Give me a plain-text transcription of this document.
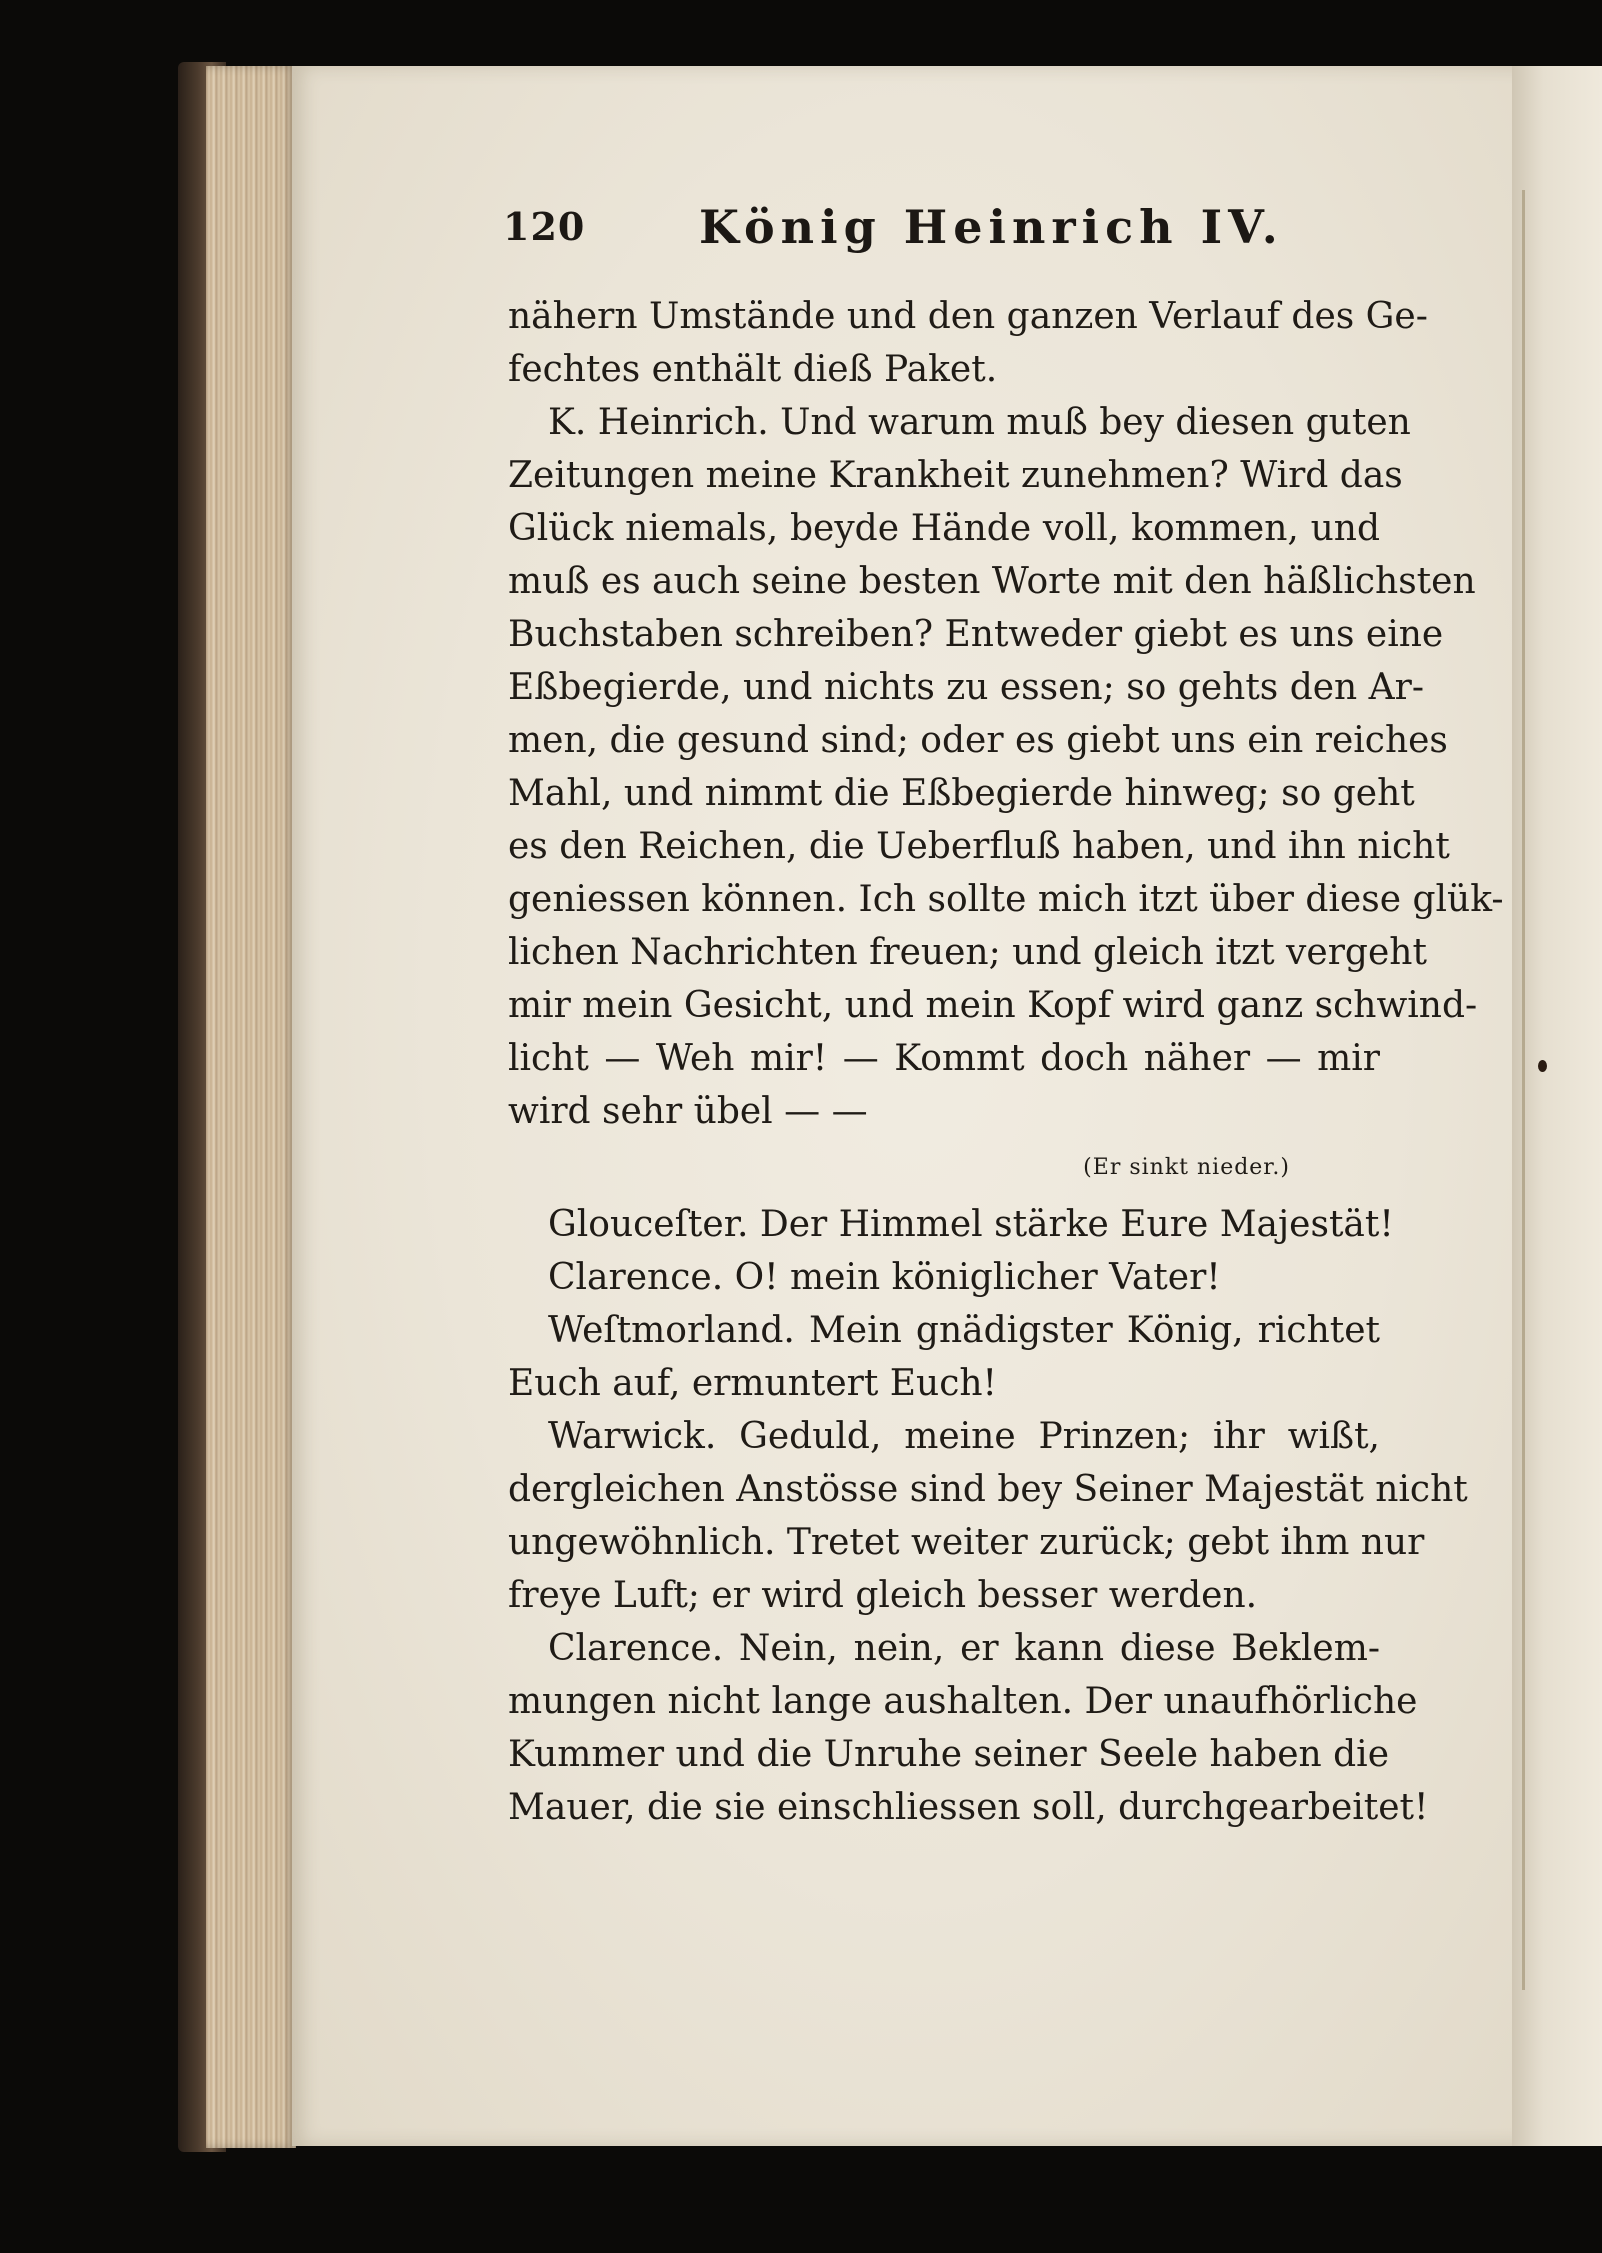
120 König Heinrich IV.
nähern Umstände und den ganzen Verlauf des Ge-
fechtes enthält dieß Paket.
K. Heinrich. Und warum muß bey diesen guten
Zeitungen meine Krankheit zunehmen? Wird das
Glück niemals, beyde Hände voll, kommen, und
muß es auch seine besten Worte mit den häßlichsten
Buchstaben schreiben? Entweder giebt es uns eine
Eßbegierde, und nichts zu essen; so gehts den Ar-
men, die gesund sind; oder es giebt uns ein reiches
Mahl, und nimmt die Eßbegierde hinweg; so geht
es den Reichen, die Ueberfluß haben, und ihn nicht
geniessen können. Ich sollte mich itzt über diese glük-
lichen Nachrichten freuen; und gleich itzt vergeht
mir mein Gesicht, und mein Kopf wird ganz schwind-
licht — Weh mir! — Kommt doch näher — mir
wird sehr übel — —
(Er sinkt nieder.)
Glouceſter. Der Himmel stärke Eure Majestät!
Clarence. O! mein königlicher Vater!
Weſtmorland. Mein gnädigster König, richtet
Euch auf, ermuntert Euch!
Warwick. Geduld, meine Prinzen; ihr wißt,
dergleichen Anstösse sind bey Seiner Majestät nicht
ungewöhnlich. Tretet weiter zurück; gebt ihm nur
freye Luft; er wird gleich besser werden.
Clarence. Nein, nein, er kann diese Beklem-
mungen nicht lange aushalten. Der unaufhörliche
Kummer und die Unruhe seiner Seele haben die
Mauer, die sie einschliessen soll, durchgearbeitet!
